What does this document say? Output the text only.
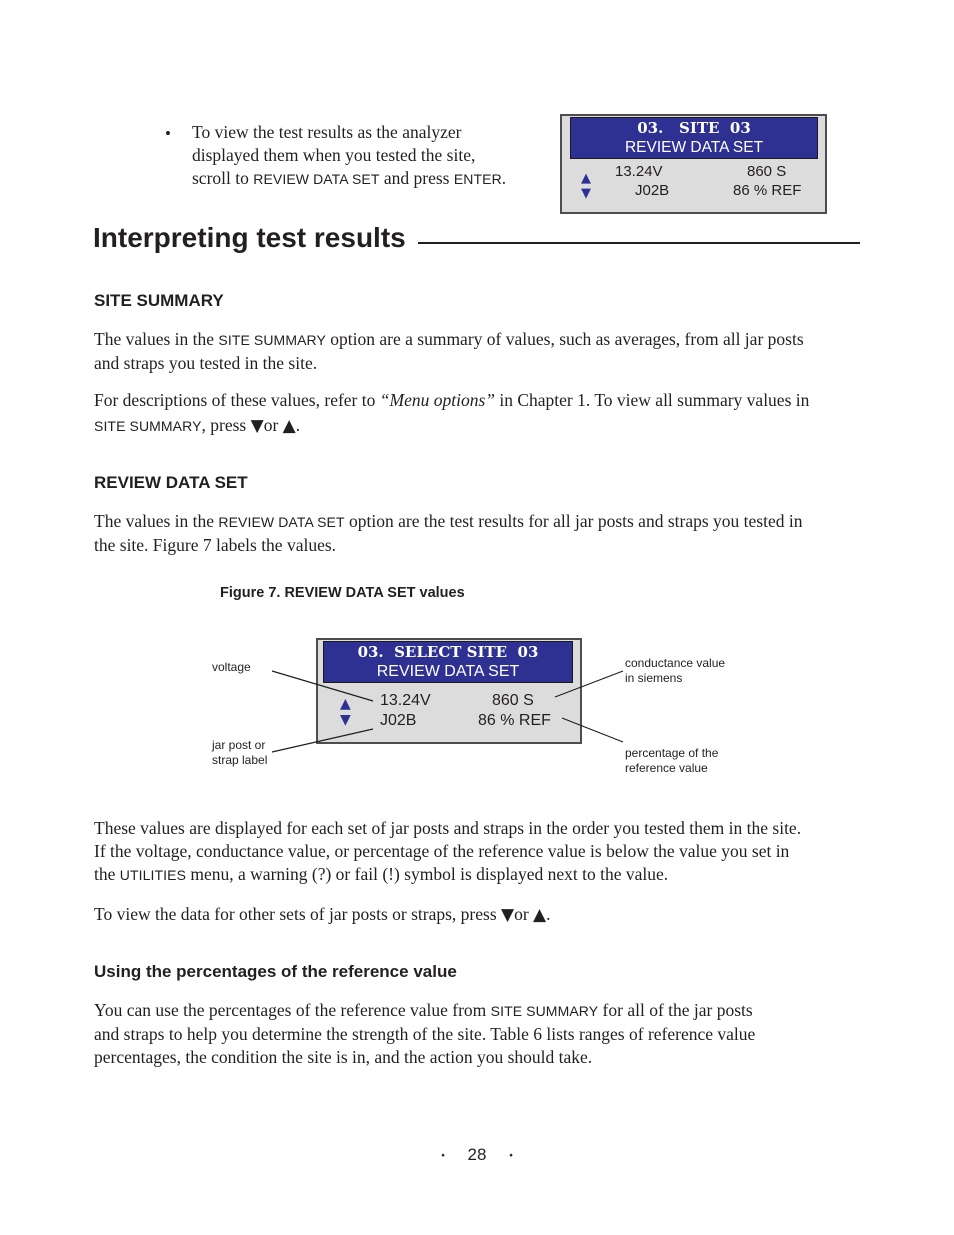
• To view the test results as the analyzer
displayed them when you tested the site,
scroll to REVIEW DATA SET and press ENTER.
03.   SITE  03
REVIEW DATA SET
▲
▼
13.24V
J02B
860 S
86 % REF
Interpreting test results
SITE SUMMARY
The values in the SITE SUMMARY option are a summary of values, such as averages, from all jar posts
and straps you tested in the site.
For descriptions of these values, refer to “Menu options” in Chapter 1. To view all summary values in
SITE SUMMARY, press ▼or ▲.
REVIEW DATA SET
The values in the REVIEW DATA SET option are the test results for all jar posts and straps you tested in
the site. Figure 7 labels the values.
Figure 7. REVIEW DATA SET values
03.  SELECT SITE  03
REVIEW DATA SET
▲
▼
13.24V
J02B
860 S
86 % REF
voltage
jar post or
strap label
conductance value
in siemens
percentage of the
reference value
These values are displayed for each set of jar posts and straps in the order you tested them in the site.
If the voltage, conductance value, or percentage of the reference value is below the value you set in
the UTILITIES menu, a warning (?) or fail (!) symbol is displayed next to the value.
To view the data for other sets of jar posts or straps, press ▼or ▲.
Using the percentages of the reference value
You can use the percentages of the reference value from SITE SUMMARY for all of the jar posts
and straps to help you determine the strength of the site. Table 6 lists ranges of reference value
percentages, the condition the site is in, and the action you should take.
⬩ 28 ⬩
